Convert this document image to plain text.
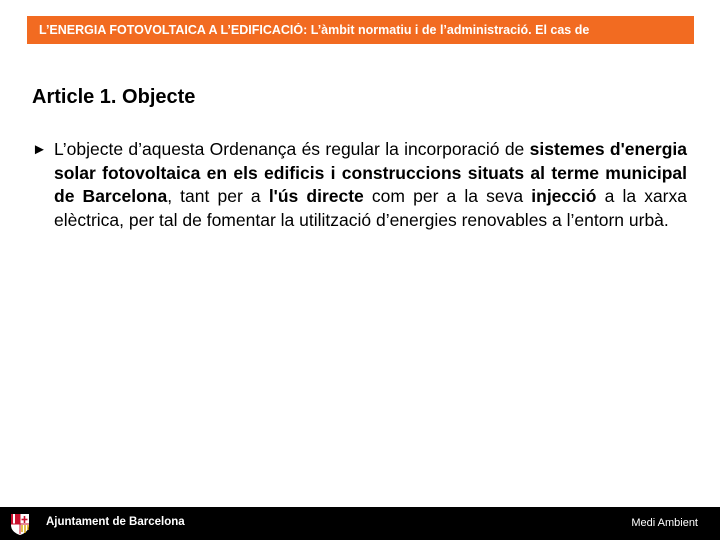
L’ENERGIA FOTOVOLTAICA A L’EDIFICACIÓ: L’àmbit normatiu i de l’administració. El cas de
Article 1. Objecte
► L’objecte d’aquesta Ordenança és regular la incorporació de sistemes d'energia solar fotovoltaica en els edificis i construccions situats al terme municipal de Barcelona, tant per a l'ús directe com per a la seva injecció a la xarxa elèctrica, per tal de fomentar la utilització d’energies renovables a l’entorn urbà.
Ajuntament de Barcelona	Medi Ambient
